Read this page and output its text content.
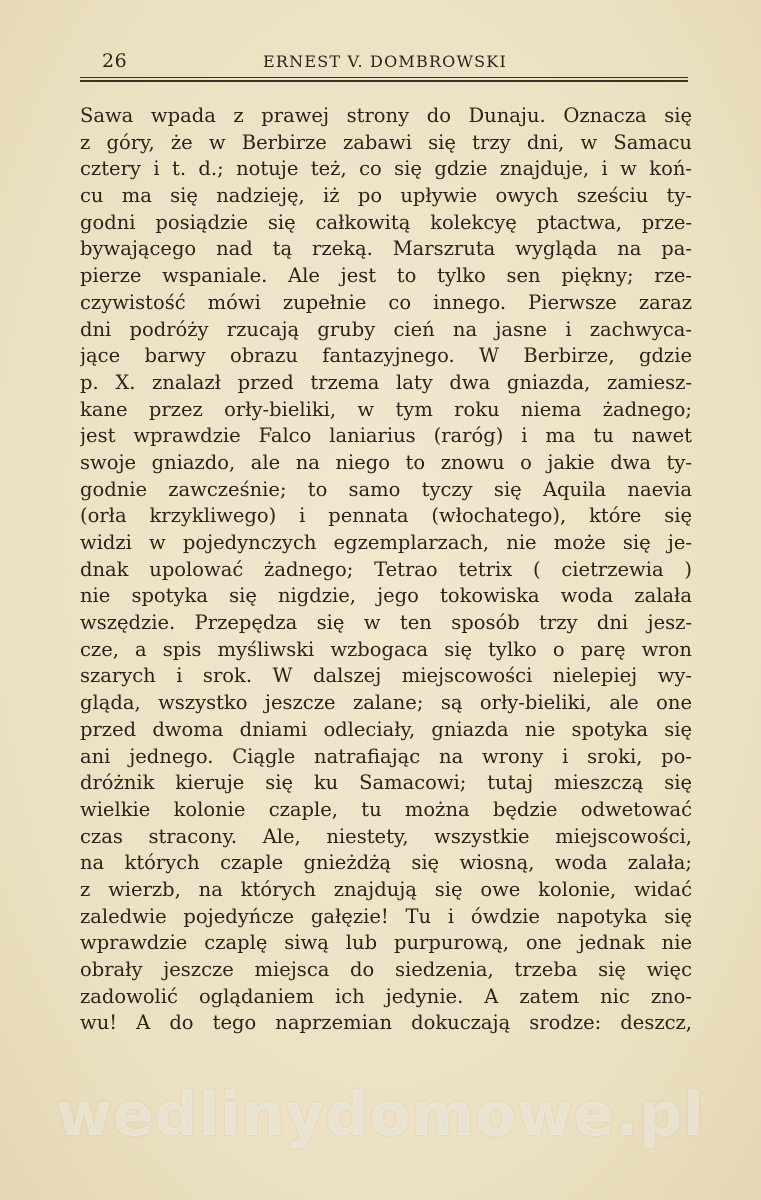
26	ERNEST V. DOMBROWSKI
Sawa wpada z prawej strony do Dunaju. Oznacza się
z góry, że w Berbirze zabawi się trzy dni, w Samacu
cztery i t. d.; notuje też, co się gdzie znajduje, i w koń-
cu ma się nadzieję, iż po upływie owych sześciu ty-
godni posiądzie się całkowitą kolekcyę ptactwa, prze-
bywającego nad tą rzeką. Marszruta wygląda na pa-
pierze wspaniale. Ale jest to tylko sen piękny; rze-
czywistość mówi zupełnie co innego. Pierwsze zaraz
dni podróży rzucają gruby cień na jasne i zachwyca-
jące barwy obrazu fantazyjnego. W Berbirze, gdzie
p. X. znalazł przed trzema laty dwa gniazda, zamiesz-
kane przez orły-bieliki, w tym roku niema żadnego;
jest wprawdzie Falco laniarius (raróg) i ma tu nawet
swoje gniazdo, ale na niego to znowu o jakie dwa ty-
godnie zawcześnie; to samo tyczy się Aquila naevia
(orła krzykliwego) i pennata (włochatego), które się
widzi w pojedynczych egzemplarzach, nie może się je-
dnak upolować żadnego; Tetrao tetrix ( cietrzewia )
nie spotyka się nigdzie, jego tokowiska woda zalała
wszędzie. Przepędza się w ten sposób trzy dni jesz-
cze, a spis myśliwski wzbogaca się tylko o parę wron
szarych i srok. W dalszej miejscowości nielepiej wy-
gląda, wszystko jeszcze zalane; są orły-bieliki, ale one
przed dwoma dniami odleciały, gniazda nie spotyka się
ani jednego. Ciągle natrafiając na wrony i sroki, po-
dróżnik kieruje się ku Samacowi; tutaj mieszczą się
wielkie kolonie czaple, tu można będzie odwetować
czas stracony. Ale, niestety, wszystkie miejscowości,
na których czaple gnieżdżą się wiosną, woda zalała;
z wierzb, na których znajdują się owe kolonie, widać
zaledwie pojedyńcze gałęzie! Tu i ówdzie napotyka się
wprawdzie czaplę siwą lub purpurową, one jednak nie
obrały jeszcze miejsca do siedzenia, trzeba się więc
zadowolić oglądaniem ich jedynie. A zatem nic zno-
wu! A do tego naprzemian dokuczają srodze: deszcz,
wedlinydomowe.pl
